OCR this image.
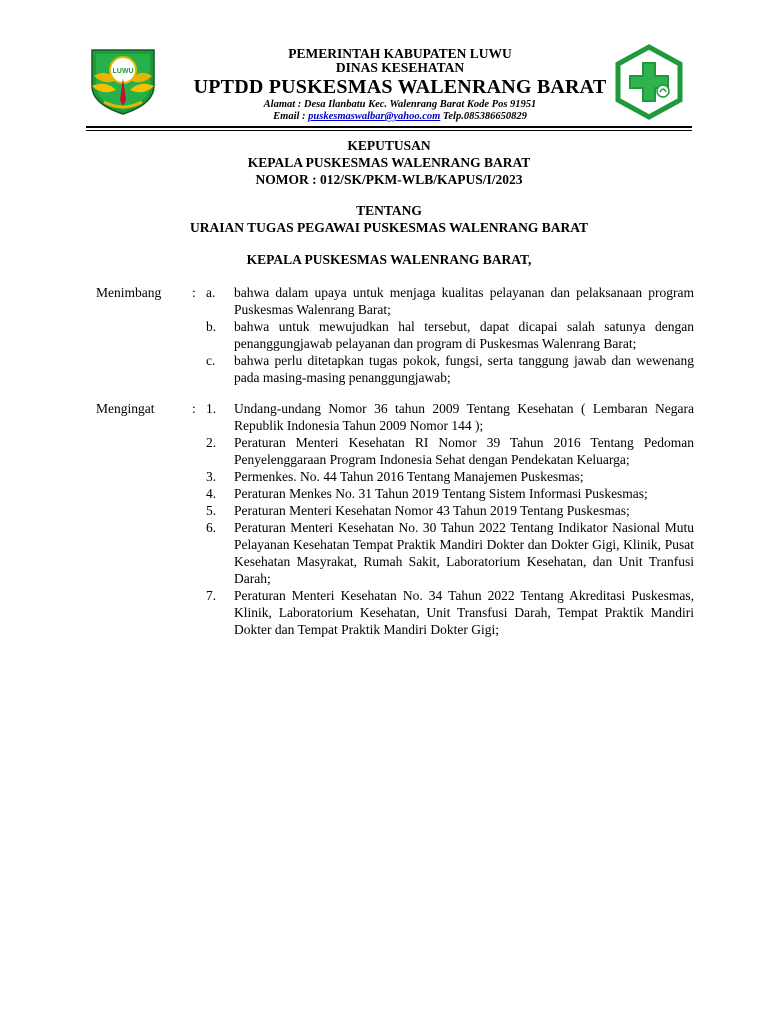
LUWU
PEMERINTAH KABUPATEN LUWU
DINAS KESEHATAN
UPTDD PUSKESMAS WALENRANG BARAT
Alamat : Desa Ilanbatu Kec. Walenrang Barat Kode Pos 91951
Email : puskesmaswalbar@yahoo.com Telp.085386650829
KEPUTUSAN
KEPALA PUSKESMAS WALENRANG BARAT
NOMOR : 012/SK/PKM-WLB/KAPUS/I/2023
TENTANG
URAIAN TUGAS PEGAWAI PUSKESMAS WALENRANG BARAT
KEPALA PUSKESMAS WALENRANG BARAT,
Menimbang	: a.	bahwa dalam upaya untuk menjaga kualitas pelayanan dan pelaksanaan program Puskesmas Walenrang Barat;
b.	bahwa untuk mewujudkan hal tersebut, dapat dicapai salah satunya dengan penanggungjawab pelayanan dan program di Puskesmas Walenrang Barat;
c.	bahwa perlu ditetapkan tugas pokok, fungsi, serta tanggung jawab dan wewenang pada masing-masing penanggungjawab;
Mengingat	: 1.	Undang-undang Nomor 36 tahun 2009 Tentang Kesehatan ( Lembaran Negara Republik Indonesia Tahun 2009 Nomor 144 );
2.	Peraturan Menteri Kesehatan RI Nomor 39 Tahun 2016 Tentang Pedoman Penyelenggaraan Program Indonesia Sehat dengan Pendekatan Keluarga;
3.	Permenkes. No. 44 Tahun 2016 Tentang Manajemen Puskesmas;
4.	Peraturan Menkes No. 31 Tahun 2019 Tentang Sistem Informasi Puskesmas;
5.	Peraturan Menteri Kesehatan Nomor 43 Tahun 2019 Tentang Puskesmas;
6.	Peraturan Menteri Kesehatan No. 30 Tahun 2022 Tentang Indikator Nasional Mutu Pelayanan Kesehatan Tempat Praktik Mandiri Dokter dan Dokter Gigi, Klinik, Pusat Kesehatan Masyrakat, Rumah Sakit, Laboratorium Kesehatan, dan Unit Tranfusi Darah;
7.	Peraturan Menteri Kesehatan No. 34 Tahun 2022 Tentang Akreditasi Puskesmas, Klinik, Laboratorium Kesehatan, Unit Transfusi Darah, Tempat Praktik Mandiri Dokter dan Tempat Praktik Mandiri Dokter Gigi;
